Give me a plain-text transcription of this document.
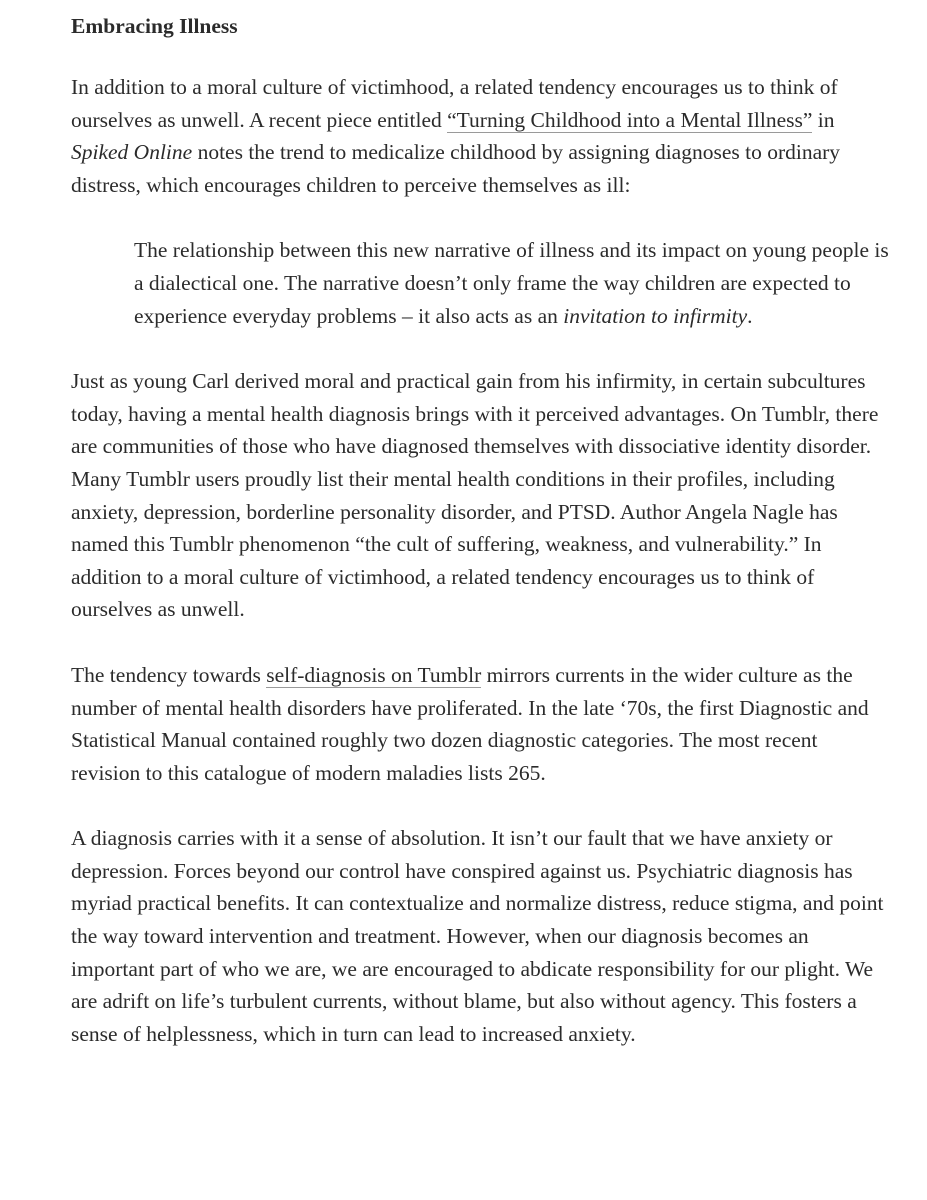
Embracing Illness

In addition to a moral culture of victimhood, a related tendency encourages us to think of ourselves as unwell. A recent piece entitled “Turning Childhood into a Mental Illness” in Spiked Online notes the trend to medicalize childhood by assigning diagnoses to ordinary distress, which encourages children to perceive themselves as ill:

The relationship between this new narrative of illness and its impact on young people is a dialectical one. The narrative doesn’t only frame the way children are expected to experience everyday problems – it also acts as an invitation to infirmity.

Just as young Carl derived moral and practical gain from his infirmity, in certain subcultures today, having a mental health diagnosis brings with it perceived advantages. On Tumblr, there are communities of those who have diagnosed themselves with dissociative identity disorder. Many Tumblr users proudly list their mental health conditions in their profiles, including anxiety, depression, borderline personality disorder, and PTSD. Author Angela Nagle has named this Tumblr phenomenon “the cult of suffering, weakness, and vulnerability.” In addition to a moral culture of victimhood, a related tendency encourages us to think of ourselves as unwell.

The tendency towards self-diagnosis on Tumblr mirrors currents in the wider culture as the number of mental health disorders have proliferated. In the late ‘70s, the first Diagnostic and Statistical Manual contained roughly two dozen diagnostic categories. The most recent revision to this catalogue of modern maladies lists 265.

A diagnosis carries with it a sense of absolution. It isn’t our fault that we have anxiety or depression. Forces beyond our control have conspired against us. Psychiatric diagnosis has myriad practical benefits. It can contextualize and normalize distress, reduce stigma, and point the way toward intervention and treatment. However, when our diagnosis becomes an important part of who we are, we are encouraged to abdicate responsibility for our plight. We are adrift on life’s turbulent currents, without blame, but also without agency. This fosters a sense of helplessness, which in turn can lead to increased anxiety.
